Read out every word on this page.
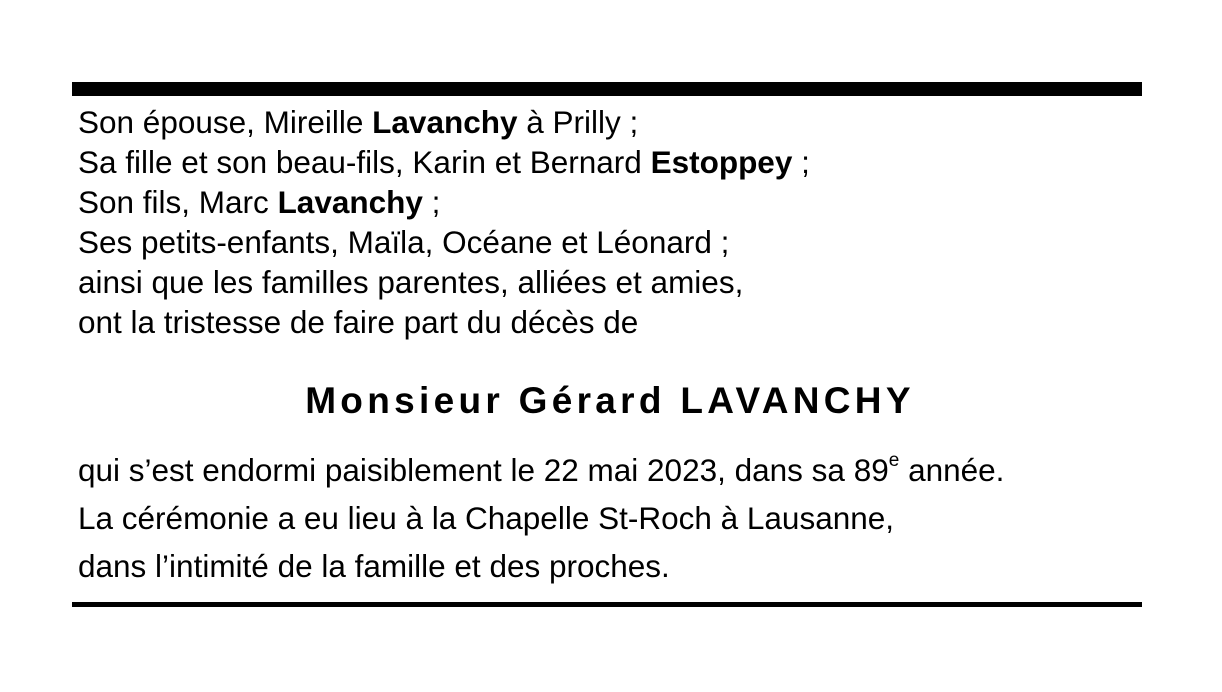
Son épouse, Mireille Lavanchy à Prilly ;
Sa fille et son beau-fils, Karin et Bernard Estoppey ;
Son fils, Marc Lavanchy ;
Ses petits-enfants, Maïla, Océane et Léonard ;
ainsi que les familles parentes, alliées et amies,
ont la tristesse de faire part du décès de
Monsieur Gérard LAVANCHY
qui s’est endormi paisiblement le 22 mai 2023, dans sa 89e année.
La cérémonie a eu lieu à la Chapelle St-Roch à Lausanne,
dans l’intimité de la famille et des proches.
